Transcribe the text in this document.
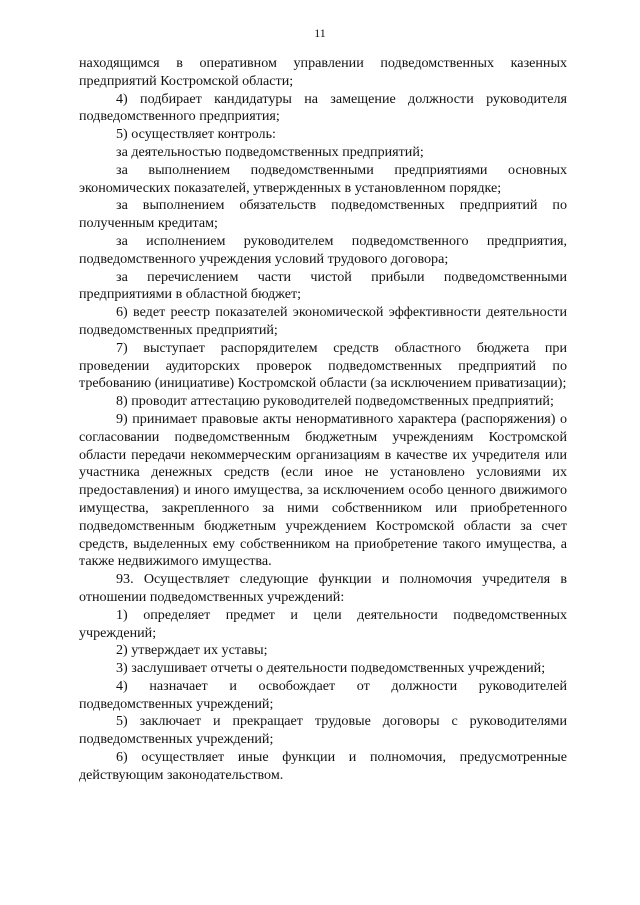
11

находящимся в оперативном управлении подведомственных казенных предприятий Костромской области;

4) подбирает кандидатуры на замещение должности руководителя подведомственного предприятия;

5) осуществляет контроль:

за деятельностью подведомственных предприятий;

за выполнением подведомственными предприятиями основных экономических показателей, утвержденных в установленном порядке;

за выполнением обязательств подведомственных предприятий по полученным кредитам;

за исполнением руководителем подведомственного предприятия, подведомственного учреждения условий трудового договора;

за перечислением части чистой прибыли подведомственными предприятиями в областной бюджет;

6) ведет реестр показателей экономической эффективности деятельности подведомственных предприятий;

7) выступает распорядителем средств областного бюджета при проведении аудиторских проверок подведомственных предприятий по требованию (инициативе) Костромской области (за исключением приватизации);

8) проводит аттестацию руководителей подведомственных предприятий;

9) принимает правовые акты ненормативного характера (распоряжения) о согласовании подведомственным бюджетным учреждениям Костромской области передачи некоммерческим организациям в качестве их учредителя или участника денежных средств (если иное не установлено условиями их предоставления) и иного имущества, за исключением особо ценного движимого имущества, закрепленного за ними собственником или приобретенного подведомственным бюджетным учреждением Костромской области за счет средств, выделенных ему собственником на приобретение такого имущества, а также недвижимого имущества.

93. Осуществляет следующие функции и полномочия учредителя в отношении подведомственных учреждений:

1) определяет предмет и цели деятельности подведомственных учреждений;

2) утверждает их уставы;

3) заслушивает отчеты о деятельности подведомственных учреждений;

4) назначает и освобождает от должности руководителей подведомственных учреждений;

5) заключает и прекращает трудовые договоры с руководителями подведомственных учреждений;

6) осуществляет иные функции и полномочия, предусмотренные действующим законодательством.
